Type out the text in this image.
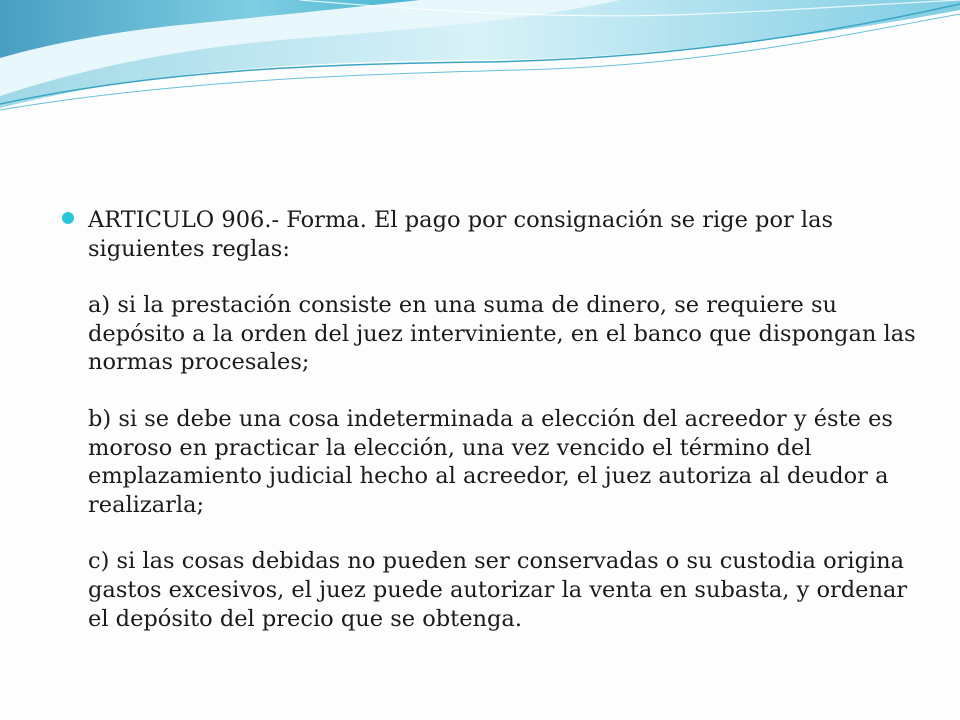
ARTICULO 906.- Forma. El pago por consignación se rige por las siguientes reglas:
a) si la prestación consiste en una suma de dinero, se requiere su depósito a la orden del juez interviniente, en el banco que dispongan las normas procesales;
b) si se debe una cosa indeterminada a elección del acreedor y éste es moroso en practicar la elección, una vez vencido el término del emplazamiento judicial hecho al acreedor, el juez autoriza al deudor a realizarla;
c) si las cosas debidas no pueden ser conservadas o su custodia origina gastos excesivos, el juez puede autorizar la venta en subasta, y ordenar el depósito del precio que se obtenga.
